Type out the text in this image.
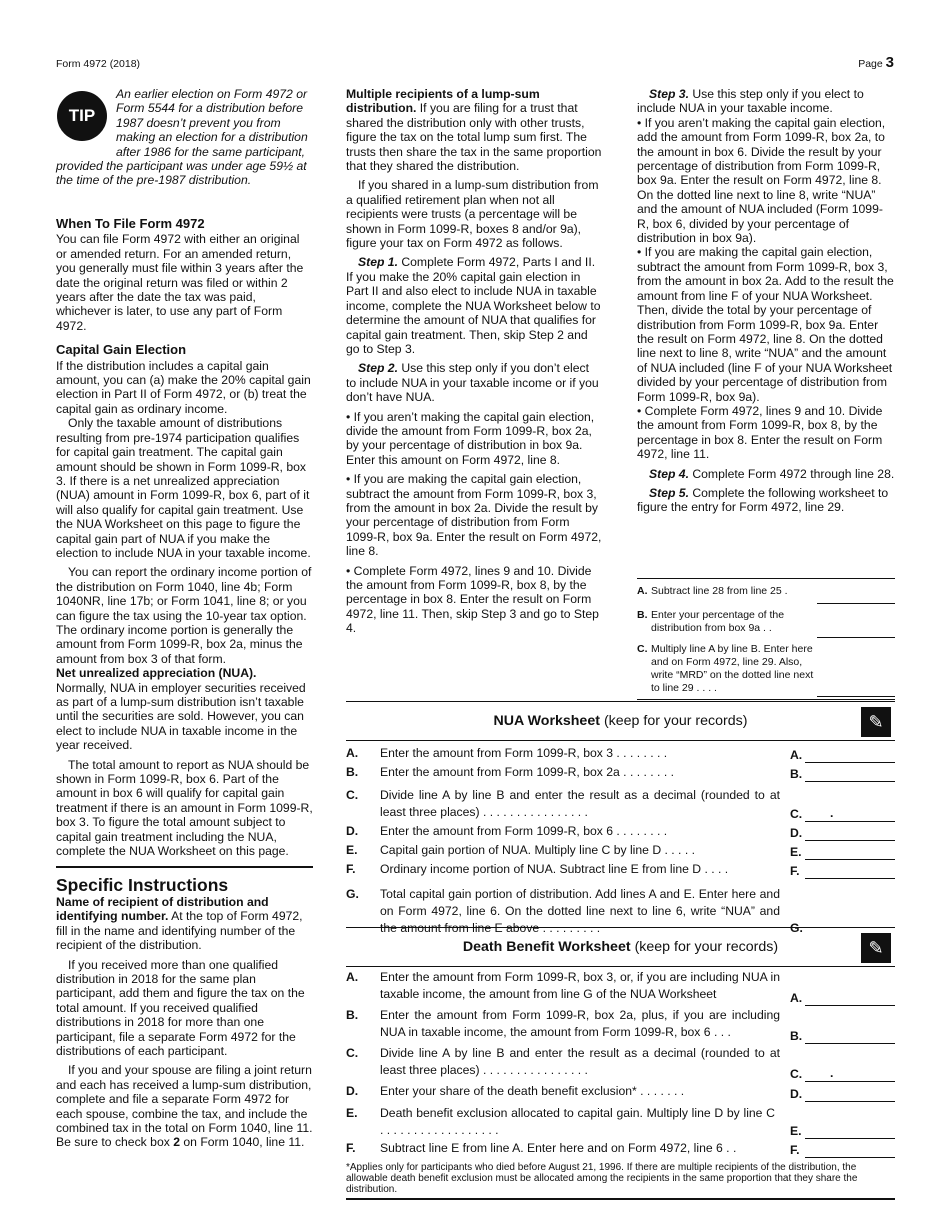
Form 4972 (2018)	Page 3
TIP

An earlier election on Form 4972 or Form 5544 for a distribution before 1987 doesn’t prevent you from making an election for a distribution after 1986 for the same participant, provided the participant was under age 59½ at the time of the pre-1987 distribution.

When To File Form 4972

You can file Form 4972 with either an original or amended return. For an amended return, you generally must file within 3 years after the date the original return was filed or within 2 years after the date the tax was paid, whichever is later, to use any part of Form 4972.

Capital Gain Election

If the distribution includes a capital gain amount, you can (a) make the 20% capital gain election in Part II of Form 4972, or (b) treat the capital gain as ordinary income.

Only the taxable amount of distributions resulting from pre-1974 participation qualifies for capital gain treatment. The capital gain amount should be shown in Form 1099-R, box 3. If there is a net unrealized appreciation (NUA) amount in Form 1099-R, box 6, part of it will also qualify for capital gain treatment. Use the NUA Worksheet on this page to figure the capital gain part of NUA if you make the election to include NUA in your taxable income.

You can report the ordinary income portion of the distribution on Form 1040, line 4b; Form 1040NR, line 17b; or Form 1041, line 8; or you can figure the tax using the 10-year tax option. The ordinary income portion is generally the amount from Form 1099-R, box 2a, minus the amount from box 3 of that form.

Net unrealized appreciation (NUA).

Normally, NUA in employer securities received as part of a lump-sum distribution isn’t taxable until the securities are sold. However, you can elect to include NUA in taxable income in the year received.

The total amount to report as NUA should be shown in Form 1099-R, box 6. Part of the amount in box 6 will qualify for capital gain treatment if there is an amount in Form 1099-R, box 3. To figure the total amount subject to capital gain treatment including the NUA, complete the NUA Worksheet on this page.

Specific Instructions

Name of recipient of distribution and identifying number. At the top of Form 4972, fill in the name and identifying number of the recipient of the distribution.

If you received more than one qualified distribution in 2018 for the same plan participant, add them and figure the tax on the total amount. If you received qualified distributions in 2018 for more than one participant, file a separate Form 4972 for the distributions of each participant.

If you and your spouse are filing a joint return and each has received a lump-sum distribution, complete and file a separate Form 4972 for each spouse, combine the tax, and include the combined tax in the total on Form 1040, line 11. Be sure to check box 2 on Form 1040, line 11.

Multiple recipients of a lump-sum distribution. If you are filing for a trust that shared the distribution only with other trusts, figure the tax on the total lump sum first. The trusts then share the tax in the same proportion that they shared the distribution.

If you shared in a lump-sum distribution from a qualified retirement plan when not all recipients were trusts (a percentage will be shown in Form 1099-R, boxes 8 and/or 9a), figure your tax on Form 4972 as follows.

Step 1. Complete Form 4972, Parts I and II. If you make the 20% capital gain election in Part II and also elect to include NUA in taxable income, complete the NUA Worksheet below to determine the amount of NUA that qualifies for capital gain treatment. Then, skip Step 2 and go to Step 3.

Step 2. Use this step only if you don’t elect to include NUA in your taxable income or if you don’t have NUA.

• If you aren’t making the capital gain election, divide the amount from Form 1099-R, box 2a, by your percentage of distribution in box 9a. Enter this amount on Form 4972, line 8.

• If you are making the capital gain election, subtract the amount from Form 1099-R, box 3, from the amount in box 2a. Divide the result by your percentage of distribution from Form 1099-R, box 9a. Enter the result on Form 4972, line 8.

• Complete Form 4972, lines 9 and 10. Divide the amount from Form 1099-R, box 8, by the percentage in box 8. Enter the result on Form 4972, line 11. Then, skip Step 3 and go to Step 4.

Step 3. Use this step only if you elect to include NUA in your taxable income.

• If you aren’t making the capital gain election, add the amount from Form 1099-R, box 2a, to the amount in box 6. Divide the result by your percentage of distribution from Form 1099-R, box 9a. Enter the result on Form 4972, line 8. On the dotted line next to line 8, write “NUA” and the amount of NUA included (Form 1099-R, box 6, divided by your percentage of distribution in box 9a).

• If you are making the capital gain election, subtract the amount from Form 1099-R, box 3, from the amount in box 2a. Add to the result the amount from line F of your NUA Worksheet. Then, divide the total by your percentage of distribution from Form 1099-R, box 9a. Enter the result on Form 4972, line 8. On the dotted line next to line 8, write “NUA” and the amount of NUA included (line F of your NUA Worksheet divided by your percentage of distribution from Form 1099-R, box 9a).

• Complete Form 4972, lines 9 and 10. Divide the amount from Form 1099-R, box 8, by the percentage in box 8. Enter the result on Form 4972, line 11.

Step 4. Complete Form 4972 through line 28.

Step 5. Complete the following worksheet to figure the entry for Form 4972, line 29.

A. Subtract line 28 from line 25 .
B. Enter your percentage of the distribution from box 9a . .
C. Multiply line A by line B. Enter here and on Form 4972, line 29. Also, write “MRD” on the dotted line next to line 29 . . . .
NUA Worksheet (keep for your records)	✎
A.	Enter the amount from Form 1099-R, box 3 . . . . . . . .	A.
B.	Enter the amount from Form 1099-R, box 2a . . . . . . . .	B.
C.	Divide line A by line B and enter the result as a decimal (rounded to at least three places) . . . . . . . . . . . . . . . .	C. .
D.	Enter the amount from Form 1099-R, box 6 . . . . . . . .	D.
E.	Capital gain portion of NUA. Multiply line C by line D . . . . .	E.
F.	Ordinary income portion of NUA. Subtract line E from line D . . . .	F.
G.	Total capital gain portion of distribution. Add lines A and E. Enter here and on Form 4972, line 6. On the dotted line next to line 6, write “NUA” and the amount from line E above . . . . . . . . .	G.
Death Benefit Worksheet (keep for your records)	✎
A.	Enter the amount from Form 1099-R, box 3, or, if you are including NUA in taxable income, the amount from line G of the NUA Worksheet	A.
B.	Enter the amount from Form 1099-R, box 2a, plus, if you are including NUA in taxable income, the amount from Form 1099-R, box 6 . . .	B.
C.	Divide line A by line B and enter the result as a decimal (rounded to at least three places) . . . . . . . . . . . . . . . .	C. .
D.	Enter your share of the death benefit exclusion* . . . . . . .	D.
E.	Death benefit exclusion allocated to capital gain. Multiply line D by line C . . . . . . . . . . . . . . . . . .	E.
F.	Subtract line E from line A. Enter here and on Form 4972, line 6 . .	F.

*Applies only for participants who died before August 21, 1996. If there are multiple recipients of the distribution, the allowable death benefit exclusion must be allocated among the recipients in the same proportion that they share the distribution.
